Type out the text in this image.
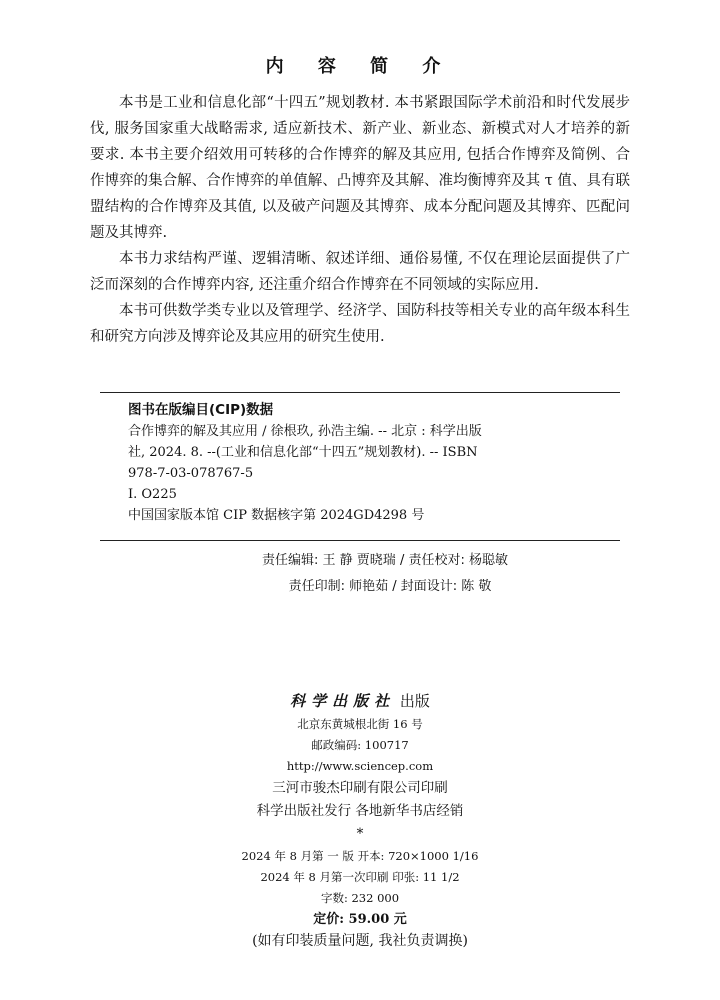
内 容 简 介

本书是工业和信息化部“十四五”规划教材. 本书紧跟国际学术前沿和时代发展步伐, 服务国家重大战略需求, 适应新技术、新产业、新业态、新模式对人才培养的新要求. 本书主要介绍效用可转移的合作博弈的解及其应用, 包括合作博弈及简例、合作博弈的集合解、合作博弈的单值解、凸博弈及其解、准均衡博弈及其 τ 值、具有联盟结构的合作博弈及其值, 以及破产问题及其博弈、成本分配问题及其博弈、匹配问题及其博弈.

本书力求结构严谨、逻辑清晰、叙述详细、通俗易懂, 不仅在理论层面提供了广泛而深刻的合作博弈内容, 还注重介绍合作博弈在不同领域的实际应用.

本书可供数学类专业以及管理学、经济学、国防科技等相关专业的高年级本科生和研究方向涉及博弈论及其应用的研究生使用.

图书在版编目(CIP)数据
合作博弈的解及其应用 / 徐根玖, 孙浩主编. -- 北京 : 科学出版
社, 2024. 8. --(工业和信息化部“十四五”规划教材). -- ISBN
978-7-03-078767-5
Ⅰ. O225
中国国家版本馆 CIP 数据核字第 2024GD4298 号
责任编辑: 王 静 贾晓瑞 / 责任校对: 杨聪敏
责任印制: 师艳茹 / 封面设计: 陈 敬
科学出版社 出版
北京东黄城根北街 16 号
邮政编码: 100717
http://www.sciencep.com
三河市骏杰印刷有限公司印刷
科学出版社发行 各地新华书店经销
*
2024 年 8 月第 一 版 开本: 720×1000 1/16
2024 年 8 月第一次印刷 印张: 11 1/2
字数: 232 000
定价: 59.00 元
(如有印装质量问题, 我社负责调换)
